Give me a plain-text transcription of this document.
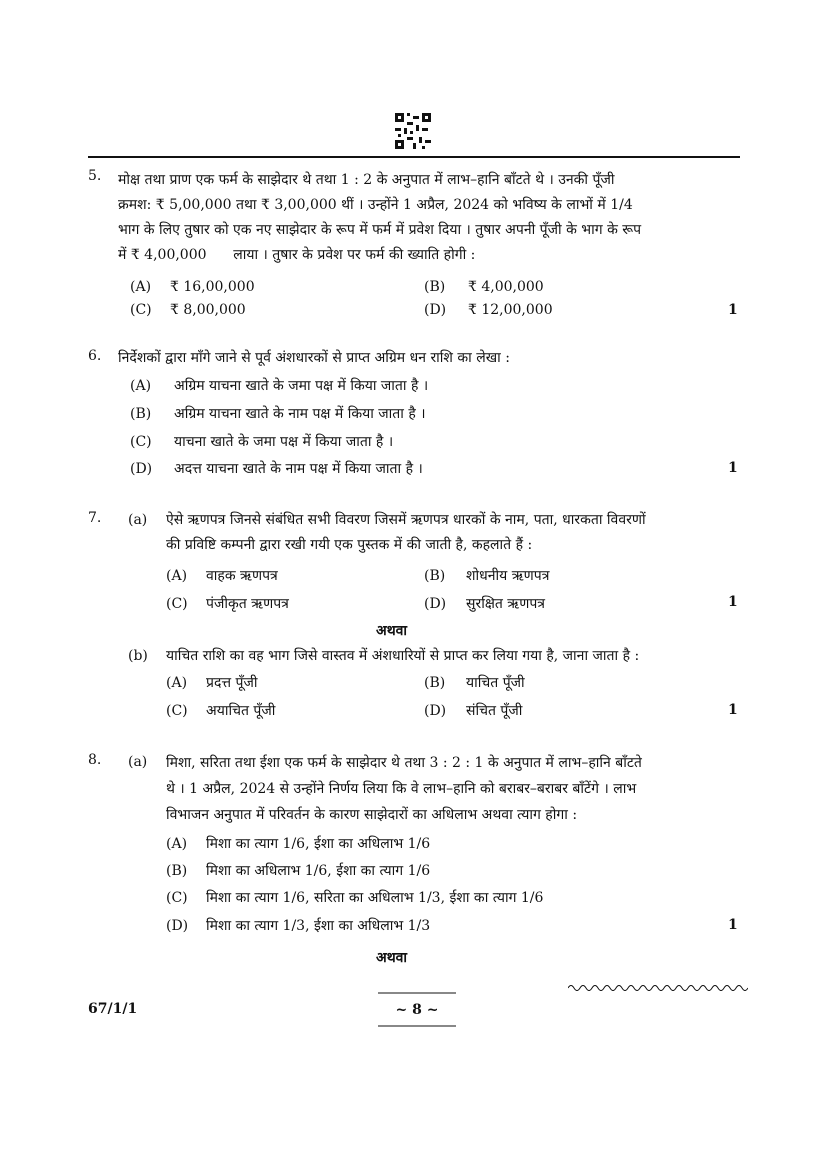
5. मोक्ष तथा प्राण एक फर्म के साझेदार थे तथा 1 : 2 के अनुपात में लाभ–हानि बाँटते थे । उनकी पूँजी
क्रमश: ₹ 5,00,000 तथा ₹ 3,00,000 थीं । उन्होंने 1 अप्रैल, 2024 को भविष्य के लाभों में 1/4
भाग के लिए तुषार को एक नए साझेदार के रूप में फर्म में प्रवेश दिया । तुषार अपनी पूँजी के भाग के रूप
में ₹ 4,00,000      लाया । तुषार के प्रवेश पर फर्म की ख्याति होगी :
(A) ₹ 16,00,000	(B) ₹ 4,00,000
(C) ₹ 8,00,000	(D) ₹ 12,00,000	1
6. निर्देशकों द्वारा माँगे जाने से पूर्व अंशधारकों से प्राप्त अग्रिम धन राशि का लेखा :
(A) अग्रिम याचना खाते के जमा पक्ष में किया जाता है ।
(B) अग्रिम याचना खाते के नाम पक्ष में किया जाता है ।
(C) याचना खाते के जमा पक्ष में किया जाता है ।
(D) अदत्त याचना खाते के नाम पक्ष में किया जाता है ।	1
7. (a) ऐसे ऋणपत्र जिनसे संबंधित सभी विवरण जिसमें ऋणपत्र धारकों के नाम, पता, धारकता विवरणों
की प्रविष्टि कम्पनी द्वारा रखी गयी एक पुस्तक में की जाती है, कहलाते हैं :
(A) वाहक ऋणपत्र	(B) शोधनीय ऋणपत्र
(C) पंजीकृत ऋणपत्र	(D) सुरक्षित ऋणपत्र	1
अथवा
(b) याचित राशि का वह भाग जिसे वास्तव में अंशधारियों से प्राप्त कर लिया गया है, जाना जाता है :
(A) प्रदत्त पूँजी	(B) याचित पूँजी
(C) अयाचित पूँजी	(D) संचित पूँजी	1
8. (a) मिशा, सरिता तथा ईशा एक फर्म के साझेदार थे तथा 3 : 2 : 1 के अनुपात में लाभ–हानि बाँटते
थे । 1 अप्रैल, 2024 से उन्होंने निर्णय लिया कि वे लाभ–हानि को बराबर–बराबर बाँटेंगे । लाभ
विभाजन अनुपात में परिवर्तन के कारण साझेदारों का अधिलाभ अथवा त्याग होगा :
(A) मिशा का त्याग 1/6, ईशा का अधिलाभ 1/6
(B) मिशा का अधिलाभ 1/6, ईशा का त्याग 1/6
(C) मिशा का त्याग 1/6, सरिता का अधिलाभ 1/3, ईशा का त्याग 1/6
(D) मिशा का त्याग 1/3, ईशा का अधिलाभ 1/3	1
अथवा
67/1/1	~ 8 ~
